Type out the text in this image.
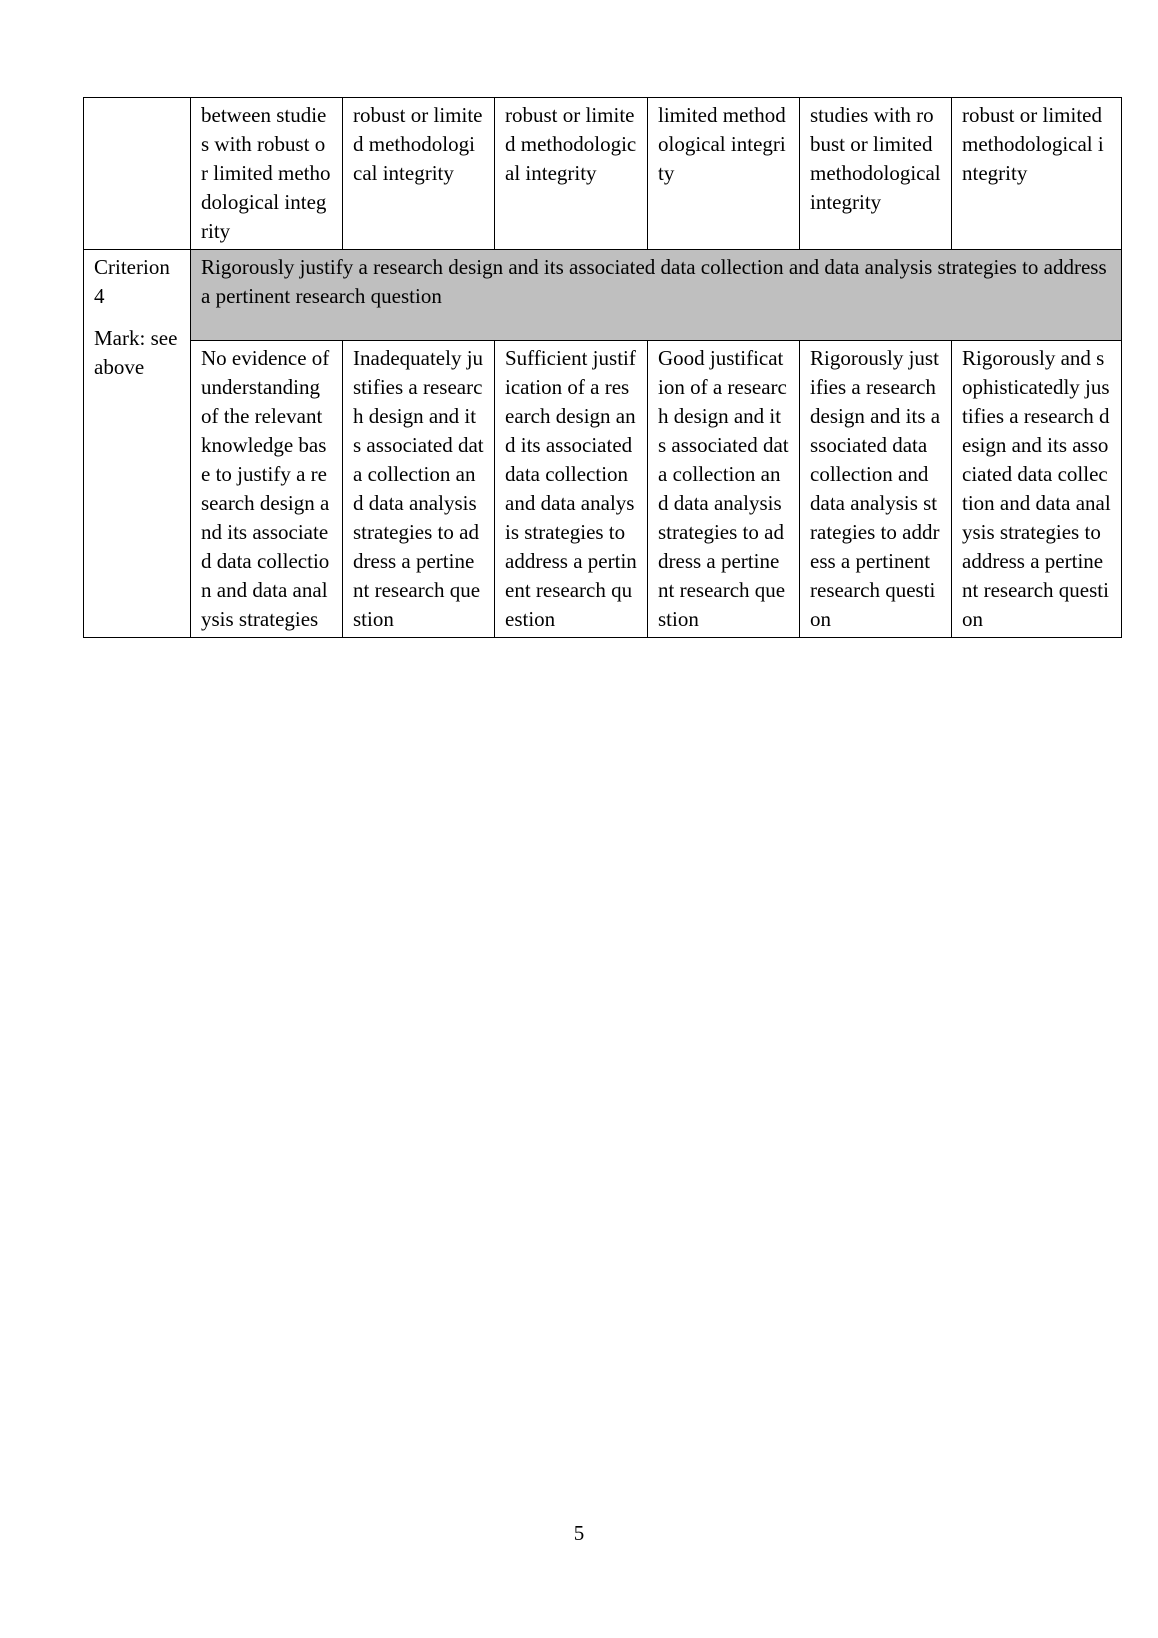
	between studies with robust or limited methodological integrity	robust or limited methodological integrity	robust or limited methodological integrity	limited methodological integrity	studies with robust or limited methodological integrity	robust or limited methodological integrity

Criterion 4
Mark: see above	Rigorously justify a research design and its associated data collection and data analysis strategies to address a pertinent research question					
	No evidence of understanding of the relevant knowledge base to justify a research design and its associated data collection and data analysis strategies	Inadequately justifies a research design and its associated data collection and data analysis strategies to address a pertinent research question	Sufficient justification of a research design and its associated data collection and data analysis strategies to address a pertinent research question	Good justification of a research design and its associated data collection and data analysis strategies to address a pertinent research question	Rigorously justifies a research design and its associated data collection and data analysis strategies to address a pertinent research question	Rigorously and sophisticatedly justifies a research design and its associated data collection and data analysis strategies to address a pertinent research question
5
